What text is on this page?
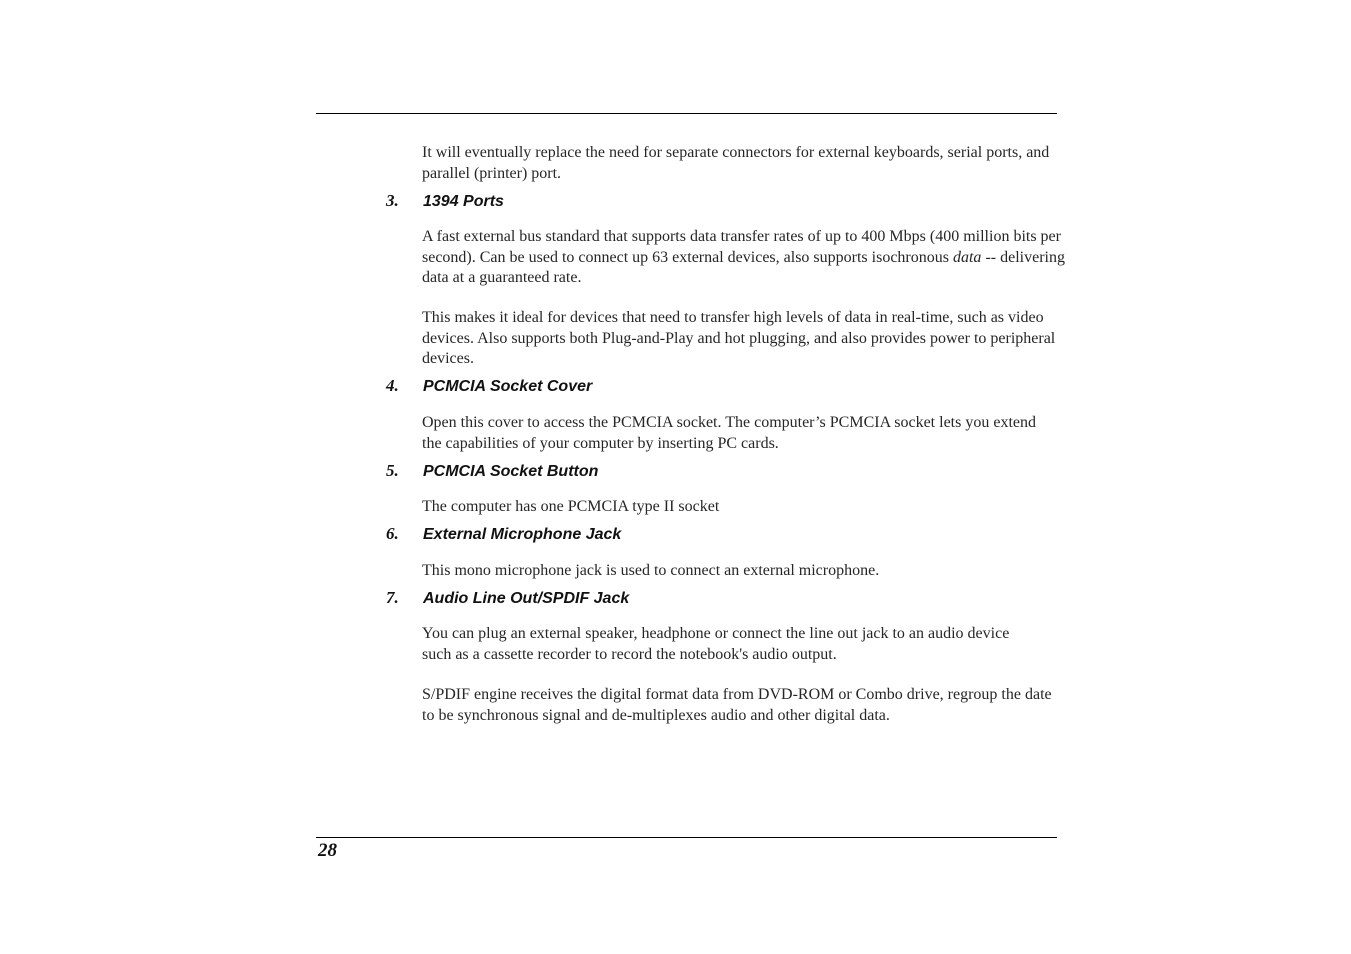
It will eventually replace the need for separate connectors for external keyboards, serial ports, and parallel (printer) port.

3.	1394 Ports

A fast external bus standard that supports data transfer rates of up to 400 Mbps (400 million bits per second). Can be used to connect up 63 external devices, also supports isochronous data -- delivering data at a guaranteed rate.

This makes it ideal for devices that need to transfer high levels of data in real-time, such as video devices. Also supports both Plug-and-Play and hot plugging, and also provides power to peripheral devices.

4.	PCMCIA Socket Cover

Open this cover to access the PCMCIA socket. The computer’s PCMCIA socket lets you extend the capabilities of your computer by inserting PC cards.

5.	PCMCIA Socket Button

The computer has one PCMCIA type II socket

6.	External Microphone Jack

This mono microphone jack is used to connect an external microphone.

7.	Audio Line Out/SPDIF Jack

You can plug an external speaker, headphone or connect the line out jack to an audio device such as a cassette recorder to record the notebook's audio output.

S/PDIF engine receives the digital format data from DVD-ROM or Combo drive, regroup the date to be synchronous signal and de-multiplexes audio and other digital data.

28
